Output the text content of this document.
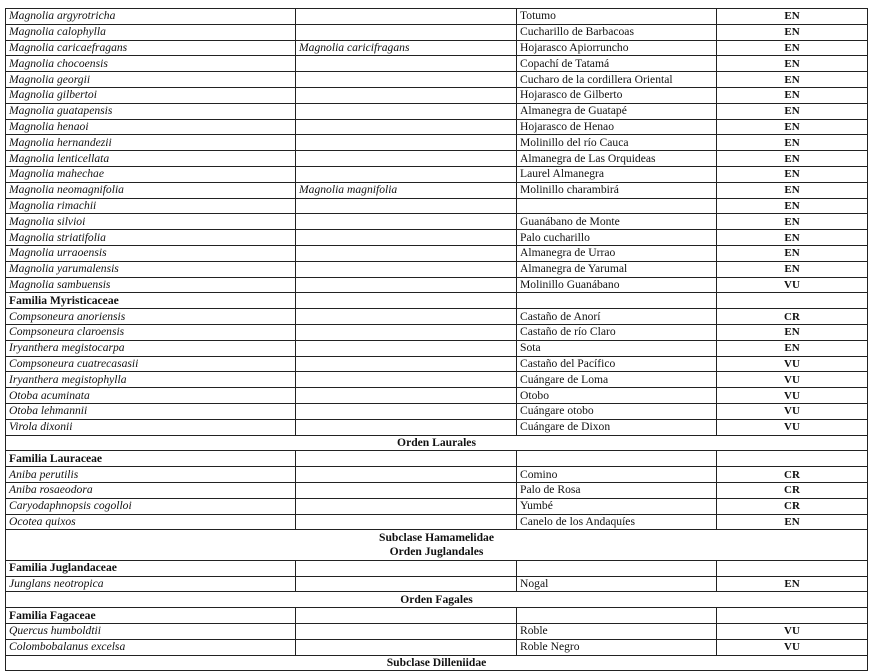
Magnolia argyrotricha		Totumo	EN
Magnolia calophylla		Cucharillo de Barbacoas	EN
Magnolia caricaefragans	Magnolia caricifragans	Hojarasco Apiorruncho	EN
Magnolia chocoensis		Copachí de Tatamá	EN
Magnolia georgii		Cucharo de la cordillera Oriental	EN
Magnolia gilbertoi		Hojarasco de Gilberto	EN
Magnolia guatapensis		Almanegra de Guatapé	EN
Magnolia henaoi		Hojarasco de Henao	EN
Magnolia hernandezii		Molinillo del río Cauca	EN
Magnolia lenticellata		Almanegra de Las Orquideas	EN
Magnolia mahechae		Laurel Almanegra	EN
Magnolia neomagnifolia	Magnolia magnifolia	Molinillo charambirá	EN
Magnolia rimachii			EN
Magnolia silvioi		Guanábano de Monte	EN
Magnolia striatifolia		Palo cucharillo	EN
Magnolia urraoensis		Almanegra de Urrao	EN
Magnolia yarumalensis		Almanegra de Yarumal	EN
Magnolia sambuensis		Molinillo Guanábano	VU
Familia Myristicaceae			
Compsoneura anoriensis		Castaño de Anorí	CR
Compsoneura claroensis		Castaño de río Claro	EN
Iryanthera megistocarpa		Sota	EN
Compsoneura cuatrecasasii		Castaño del Pacífico	VU
Iryanthera megistophylla		Cuángare de Loma	VU
Otoba acuminata		Otobo	VU
Otoba lehmannii		Cuángare otobo	VU
Virola dixonii		Cuángare de Dixon	VU
Orden Laurales			
Familia Lauraceae			
Aniba perutilis		Comino	CR
Aniba rosaeodora		Palo de Rosa	CR
Caryodaphnopsis cogolloi		Yumbé	CR
Ocotea quixos		Canelo de los Andaquíes	EN
Subclase Hamamelidae			
Orden Juglandales			
Familia Juglandaceae			
Junglans neotropica		Nogal	EN
Orden Fagales			
Familia Fagaceae			
Quercus humboldtii		Roble	VU
Colombobalanus excelsa		Roble Negro	VU
Subclase Dilleniidae			
